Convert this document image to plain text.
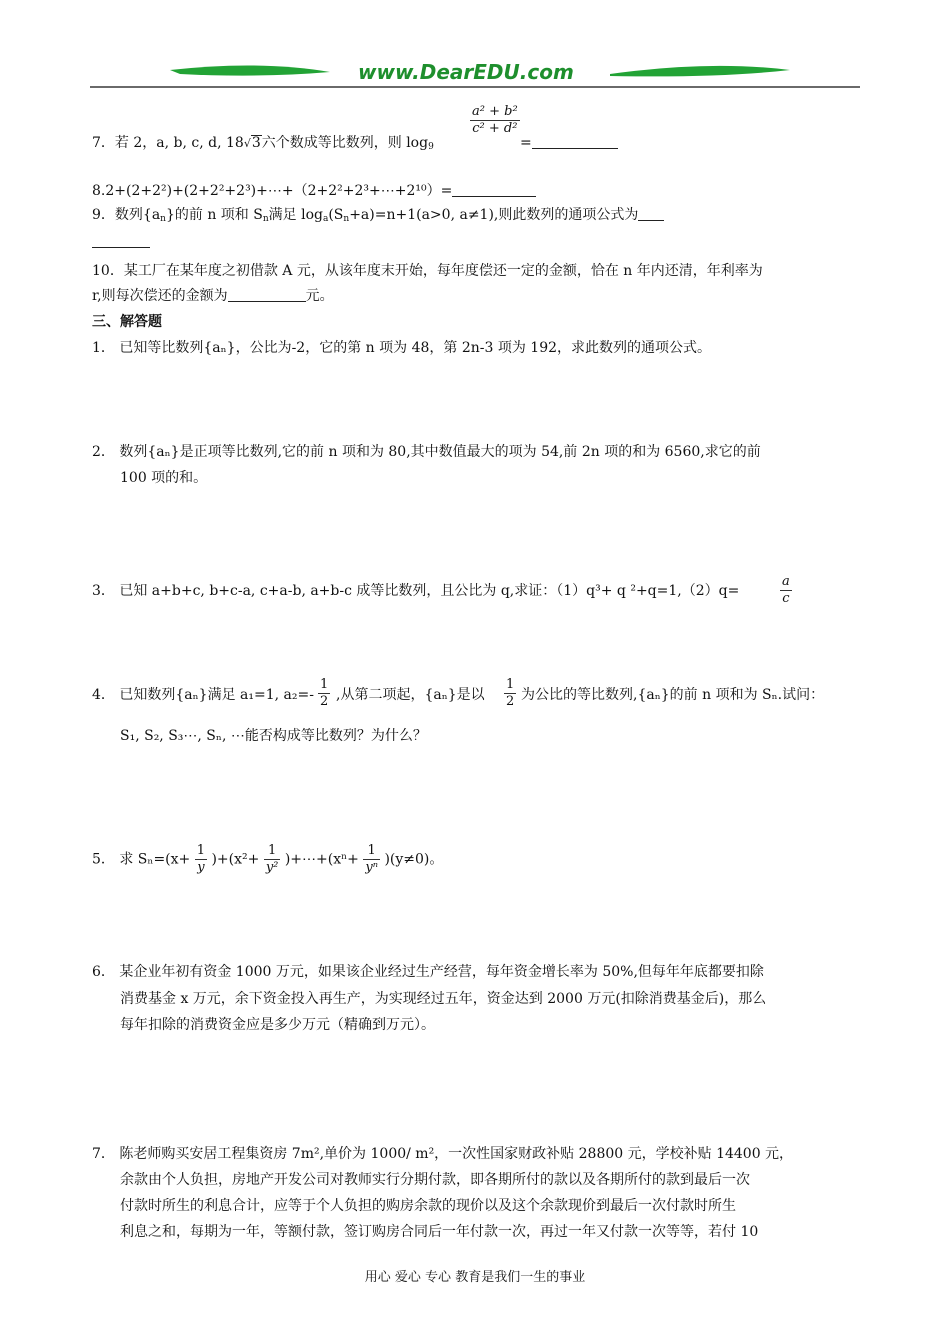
www.DearEDU.com
7．若 2，a, b, c, d, 18√3六个数成等比数列，则 $\log_9$
$\frac{\text{a² + b²}}{\text{c² + d²}}$
=
8.2+(2+2²)+(2+2²+2³)+⋯+（2+2²+2³+⋯+2¹⁰）=
9．数列$\{a_n\}$的前 n 项和 $S_n$满足 $\log_a(S_n+a)=n+1(a>0$, a≠1),则此数列的通项公式为
10．某工厂在某年度之初借款 A 元，从该年度末开始，每年度偿还一定的金额，恰在 n 年内还清，年利率为
r,则每次偿还的金额为	元。
三、解答题
1． 已知等比数列{aₙ}，公比为-2，它的第 n 项为 48，第 2n-3 项为 192，求此数列的通项公式。
2． 数列{aₙ}是正项等比数列,它的前 n 项和为 80,其中数值最大的项为 54,前 2n 项的和为 6560,求它的前
100 项的和。
3． 已知 a+b+c, b+c-a, c+a-b, a+b-c 成等比数列，且公比为 q,求证：（1）q³+ q ²+q=1,（2）q=	$\frac{a}{c}$
4． 已知数列{aₙ}满足 a₁=1, $a_2=- \frac{1}{2}$ ,从第二项起，{aₙ}是以 $\frac{1}{2}$ 为公比的等比数列,{aₙ}的前 n 项和为 Sₙ.试问：
S₁, S₂, S₃⋯, Sₙ, ⋯能否构成等比数列？为什么？
5． 求 $S_n=(x+ \frac{1}{y} )+(x^2+ \frac{1}{\text{y²}}$ )+⋯+(xⁿ+ $\frac{1}{\text{yⁿ}} )(y\ne 0)$。
6． 某企业年初有资金 1000 万元，如果该企业经过生产经营，每年资金增长率为 50%,但每年年底都要扣除
消费基金 x 万元，余下资金投入再生产，为实现经过五年，资金达到 2000 万元(扣除消费基金后)，那么
每年扣除的消费资金应是多少万元（精确到万元）。
7． 陈老师购买安居工程集资房 7m²,单价为 1000/ m²，一次性国家财政补贴 28800 元，学校补贴 14400 元，
余款由个人负担，房地产开发公司对教师实行分期付款，即各期所付的款以及各期所付的款到最后一次
付款时所生的利息合计，应等于个人负担的购房余款的现价以及这个余款现价到最后一次付款时所生
利息之和，每期为一年，等额付款，签订购房合同后一年付款一次，再过一年又付款一次等等，若付 10
用心 爱心 专心 教育是我们一生的事业
